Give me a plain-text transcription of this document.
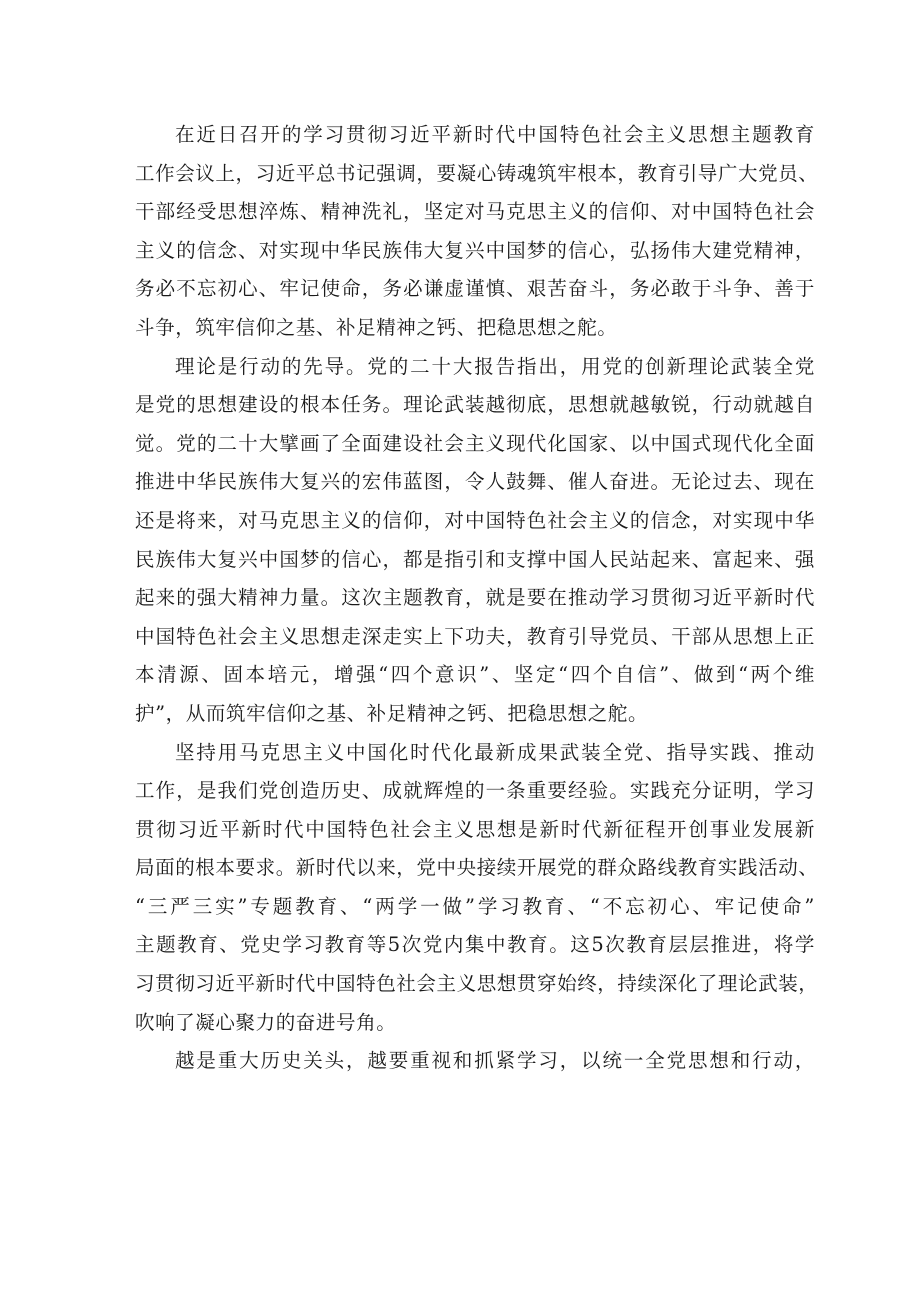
在近日召开的学习贯彻习近平新时代中国特色社会主义思想主题教育
工作会议上，习近平总书记强调，要凝心铸魂筑牢根本，教育引导广大党员、
干部经受思想淬炼、精神洗礼，坚定对马克思主义的信仰、对中国特色社会
主义的信念、对实现中华民族伟大复兴中国梦的信心，弘扬伟大建党精神，
务必不忘初心、牢记使命，务必谦虚谨慎、艰苦奋斗，务必敢于斗争、善于
斗争，筑牢信仰之基、补足精神之钙、把稳思想之舵。
理论是行动的先导。党的二十大报告指出，用党的创新理论武装全党
是党的思想建设的根本任务。理论武装越彻底，思想就越敏锐，行动就越自
觉。党的二十大擘画了全面建设社会主义现代化国家、以中国式现代化全面
推进中华民族伟大复兴的宏伟蓝图，令人鼓舞、催人奋进。无论过去、现在
还是将来，对马克思主义的信仰，对中国特色社会主义的信念，对实现中华
民族伟大复兴中国梦的信心，都是指引和支撑中国人民站起来、富起来、强
起来的强大精神力量。这次主题教育，就是要在推动学习贯彻习近平新时代
中国特色社会主义思想走深走实上下功夫，教育引导党员、干部从思想上正
本清源、固本培元，增强“四个意识”、坚定“四个自信”、做到“两个维
护”，从而筑牢信仰之基、补足精神之钙、把稳思想之舵。
坚持用马克思主义中国化时代化最新成果武装全党、指导实践、推动
工作，是我们党创造历史、成就辉煌的一条重要经验。实践充分证明，学习
贯彻习近平新时代中国特色社会主义思想是新时代新征程开创事业发展新
局面的根本要求。新时代以来，党中央接续开展党的群众路线教育实践活动、
“三严三实”专题教育、“两学一做”学习教育、“不忘初心、牢记使命”
主题教育、党史学习教育等5次党内集中教育。这5次教育层层推进，将学
习贯彻习近平新时代中国特色社会主义思想贯穿始终，持续深化了理论武装，
吹响了凝心聚力的奋进号角。
越是重大历史关头，越要重视和抓紧学习，以统一全党思想和行动，
